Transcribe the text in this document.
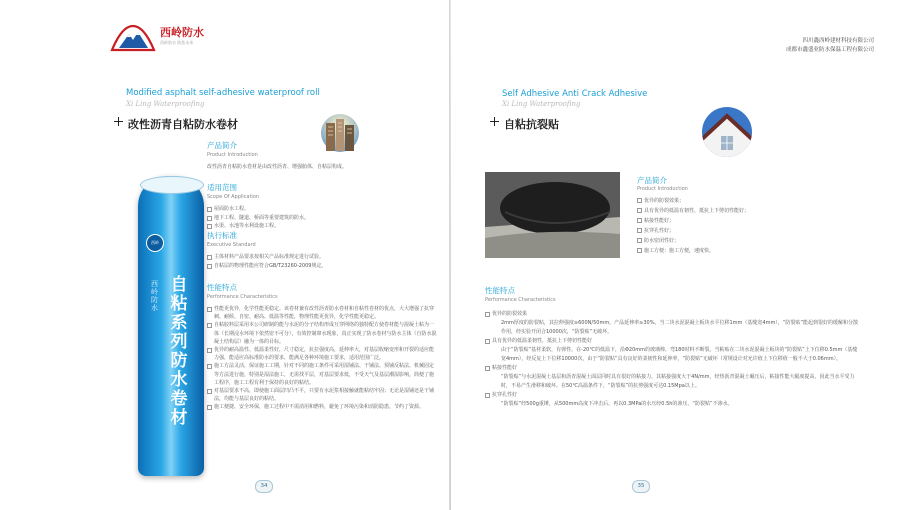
西岭防水
西岭防水 防您未来
Modified asphalt self-adhesive waterproof roll
Xi Ling Waterproofing
改性沥青自粘防水卷材
产品简介
Product Introduction
改性沥青自粘防水卷材是由改性沥青、增强胎体、自粘层构成。
适用范围
Scope Of Application
屋面防水工程。地下工程、隧道、桥面等重要建筑的防水。

水渠、水池等水利设施工程。

执行标准
Executive Standard

主体材料产品要求按相关产品标准规定进行试验。

自粘层的物理性能应符合GB/T23260-2009规定。

性能特点
Performance Characteristics

性能更优异，化学性能更稳定。该卷材兼有改性沥青防水卷材和自粘性卷材的优点，大大增强了抗穿刺、耐候、自密、耐高、低温等性能，物理性能更优异，化学性能更稳定。

自粘胶料层采用本公司研制的能与水泥的分子结构形成互穿网络的独特配方使卷材能与混凝土粘为一体（长期浸水环境下依然密不可分），有效控制窜水现象，真正实现了防水卷材与防水主体（自防水混凝土结构层）融为一体的目标。

优异的耐高温性、低温柔性好，尺寸稳定，抗拉强度高，延伸率大，对基层收缩变形和开裂的适应能力强，能适应高标准防水的要求，能满足各种环境施工要求，适用范围广泛。

施工方法灵活，保证施工工期，针对不同的施工条件可采用湿铺法、干铺法、预铺反粘法、机械固定等方法进行施，特别是湿法施工，无需找平层，对基层要求低，不受天气及基层潮湿影响，简便了施工程序，施工工程有利于保持的良好的粘结。

对基层要求不高，即使施工面层凹凸不平，只要有水泥浆相接触就能粘结牢固；无论是湿铺还是干铺法，均能与基层良好的粘结。

施工便捷、安全环保，施工过程中不需消用和燃料，避免了环境污染和消防隐患，节约了资源。

西岭
自粘系列防水卷材
西岭防水
34
四川鑫西岭建材科技有限公司
成都市鑫盛业防水保温工程有限公司
Self Adhesive Anti Crack Adhesive
Xi Ling Waterproofing
自粘抗裂贴
产品简介
Product Introduction

优异的防裂效果；

具有优异的低温有韧性，抵抗上下剪切性能好；

粘接性能好；

抗穿孔性好；

防水密闭性好；

施工方便：施工方便，速度快。

性能特点
Performance Characteristics

优异的防裂效果

2mm厚度的防裂贴，其拉伸强度≥600N/50mm，产品延伸率≥30%。当二块水泥混凝土板块水平位移1mm（基缝宽4mm），“防裂贴”能起到很好的缓解和分散作用，经实验开闭合10000次，“防裂贴”无破坏。

具有优异的低温柔韧性，抵抗上下剪切性能好

由于“防裂贴”基材柔软，有弹性，在-20℃的低温下，沿Φ20mm的玻璃棒，弯180时料不断裂。当粘贴在二块水泥混凝土板块的“防裂贴”上下位移0.5mm（基缝宽4mm），经反复上下位移10000次，由于“防裂贴”具有良好的柔韧性和延伸率，“防裂贴”无破坏（常规设计对允许值上下位移值一般不大于0.06mm）。

粘接性能好

“防裂贴”与水泥混凝土基层和沥青混凝土面层同时具有很好的粘接力，其粘接强度大于4N/mm，经热沥青混凝土碾压后，粘接性能大幅度提高，因此当水平受力时，不易产生滑移和破坏。在50℃高温条件下，“防裂贴”的抗剪强度可达0.15Mpa以上。

抗穿孔性好

“防裂贴”经500g重锤，从500mm高度下冲击后，再以0.3MPa的水压经0.5h的渗压，“防裂贴”不渗水。

35
